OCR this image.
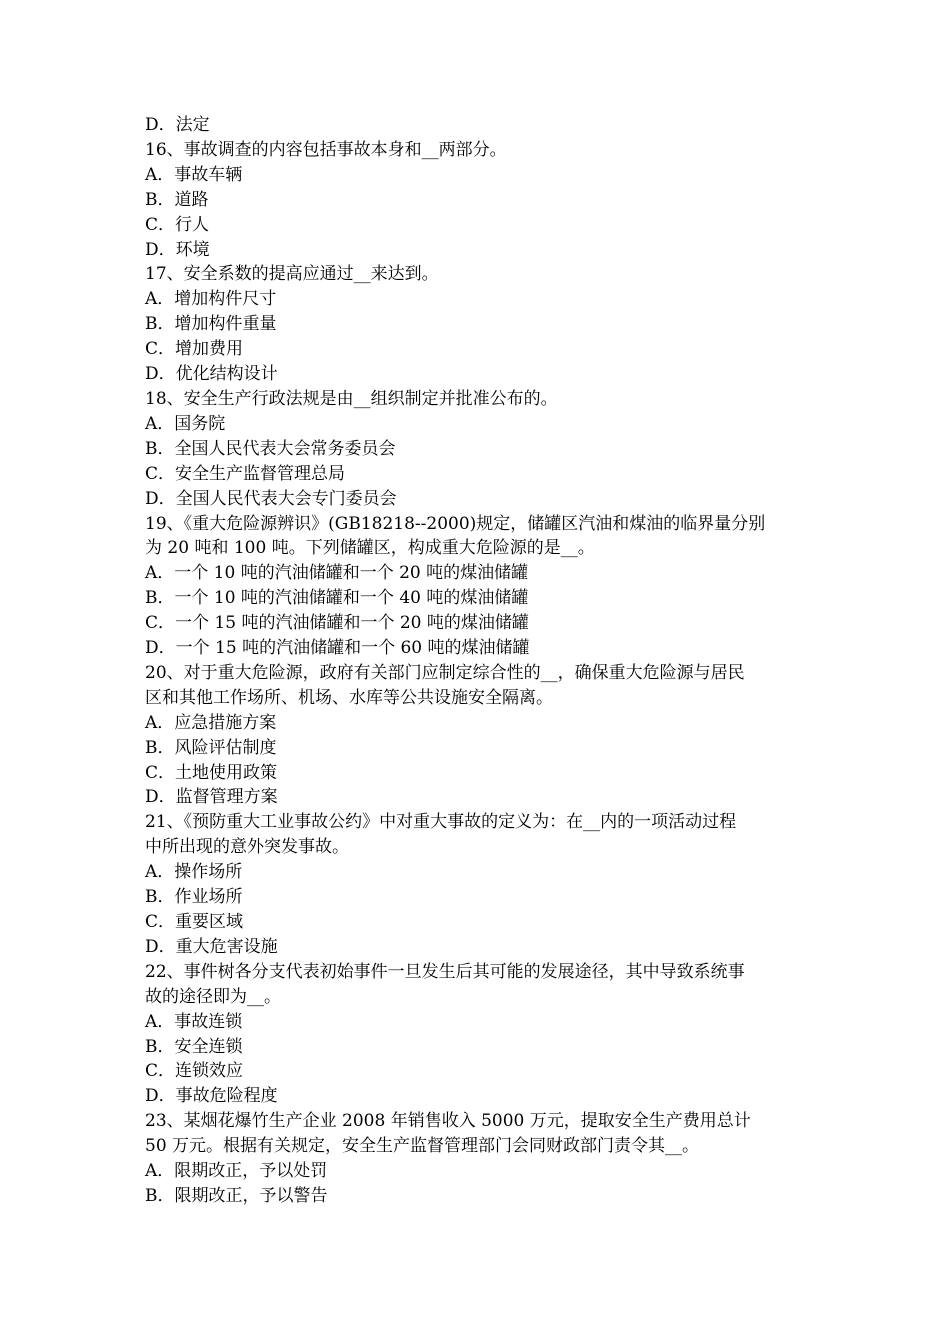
D．法定

16、事故调查的内容包括事故本身和__两部分。

A．事故车辆

B．道路

C．行人

D．环境

17、安全系数的提高应通过__来达到。

A．增加构件尺寸

B．增加构件重量

C．增加费用

D．优化结构设计

18、安全生产行政法规是由__组织制定并批准公布的。

A．国务院

B．全国人民代表大会常务委员会

C．安全生产监督管理总局

D．全国人民代表大会专门委员会

19、《重大危险源辨识》(GB18218--2000)规定，储罐区汽油和煤油的临界量分别

为 20 吨和 100 吨。下列储罐区，构成重大危险源的是__。

A．一个 10 吨的汽油储罐和一个 20 吨的煤油储罐

B．一个 10 吨的汽油储罐和一个 40 吨的煤油储罐

C．一个 15 吨的汽油储罐和一个 20 吨的煤油储罐

D．一个 15 吨的汽油储罐和一个 60 吨的煤油储罐

20、对于重大危险源，政府有关部门应制定综合性的__，确保重大危险源与居民

区和其他工作场所、机场、水库等公共设施安全隔离。

A．应急措施方案

B．风险评估制度

C．土地使用政策

D．监督管理方案

21、《预防重大工业事故公约》中对重大事故的定义为：在__内的一项活动过程

中所出现的意外突发事故。

A．操作场所

B．作业场所

C．重要区域

D．重大危害设施

22、事件树各分支代表初始事件一旦发生后其可能的发展途径，其中导致系统事

故的途径即为__。

A．事故连锁

B．安全连锁

C．连锁效应

D．事故危险程度

23、某烟花爆竹生产企业 2008 年销售收入 5000 万元，提取安全生产费用总计

50 万元。根据有关规定，安全生产监督管理部门会同财政部门责令其__。

A．限期改正，予以处罚

B．限期改正，予以警告
